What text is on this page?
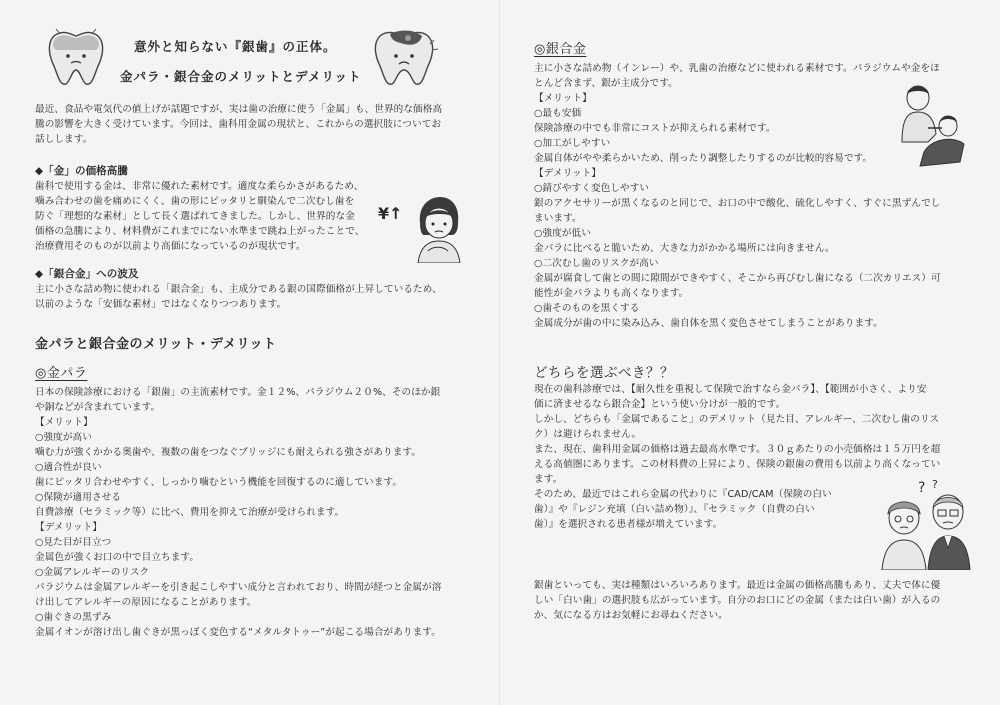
意外と知らない『銀歯』の正体。
金パラ・銀合金のメリットとデメリット
最近、食品や電気代の値上げが話題ですが、実は歯の治療に使う「金属」も、世界的な価格高
騰の影響を大きく受けています。今回は、歯科用金属の現状と、これからの選択肢についてお
話しします。
◆「金」の価格高騰
歯科で使用する金は、非常に優れた素材です。適度な柔らかさがあるため、
噛み合わせの歯を痛めにくく、歯の形にピッタリと馴染んで二次むし歯を
防ぐ「理想的な素材」として長く選ばれてきました。しかし、世界的な金
価格の急騰により、材料費がこれまでにない水準まで跳ね上がったことで、
治療費用そのものが以前より高価になっているのが現状です。
¥↑
◆「銀合金」への波及
主に小さな詰め物に使われる「銀合金」も、主成分である銀の国際価格が上昇しているため、
以前のような「安価な素材」ではなくなりつつあります。
金パラと銀合金のメリット・デメリット
◎金パラ
日本の保険診療における「銀歯」の主流素材です。金１２%、パラジウム２０%、そのほか銀
や銅などが含まれています。
【メリット】
○強度が高い
噛む力が強くかかる奥歯や、複数の歯をつなぐブリッジにも耐えられる強さがあります。
○適合性が良い
歯にピッタリ合わせやすく、しっかり噛むという機能を回復するのに適しています。
○保険が適用させる
自費診療（セラミック等）に比べ、費用を抑えて治療が受けられます。
【デメリット】
○見た目が目立つ
金属色が強くお口の中で目立ちます。
○金属アレルギーのリスク
パラジウムは金属アレルギーを引き起こしやすい成分と言われており、時間が経つと金属が溶
け出してアレルギーの原因になることがあります。
○歯ぐきの黒ずみ
金属イオンが溶け出し歯ぐきが黒っぽく変色する“メタルタトゥー”が起こる場合があります。
◎銀合金
主に小さな詰め物（インレー）や、乳歯の治療などに使われる素材です。パラジウムや金をほ
とんど含まず、銀が主成分です。
【メリット】
○最も安価
保険診療の中でも非常にコストが抑えられる素材です。
○加工がしやすい
金属自体がやや柔らかいため、削ったり調整したりするのが比較的容易です。
【デメリット】
○錆びやすく変色しやすい
銀のアクセサリーが黒くなるのと同じで、お口の中で酸化、硫化しやすく、すぐに黒ずんでし
まいます。
○強度が低い
金パラに比べると脆いため、大きな力がかかる場所には向きません。
○二次むし歯のリスクが高い
金属が腐食して歯との間に隙間ができやすく、そこから再びむし歯になる（二次カリエス）可
能性が金パラよりも高くなります。
○歯そのものを黒くする
金属成分が歯の中に染み込み、歯自体を黒く変色させてしまうことがあります。
どちらを選ぶべき？？
現在の歯科診療では、【耐久性を重視して保険で治すなら金パラ】、【範囲が小さく、より安
価に済ませるなら銀合金】という使い分けが一般的です。
しかし、どちらも「金属であること」のデメリット（見た目、アレルギー、二次むし歯のリス
ク）は避けられません。
また、現在、歯科用金属の価格は過去最高水準です。３０ｇあたりの小売価格は１５万円を超
える高値圏にあります。この材料費の上昇により、保険の銀歯の費用も以前より高くなってい
ます。
そのため、最近ではこれら金属の代わりに『CAD/CAM（保険の白い
歯）』や『レジン充填（白い詰め物）』、『セラミック（自費の白い
歯）』を選択される患者様が増えています。
? ?
銀歯といっても、実は種類はいろいろあります。最近は金属の価格高騰もあり、丈夫で体に優
しい「白い歯」の選択肢も広がっています。自分のお口にどの金属（または白い歯）が入るの
か、気になる方はお気軽にお尋ねください。
